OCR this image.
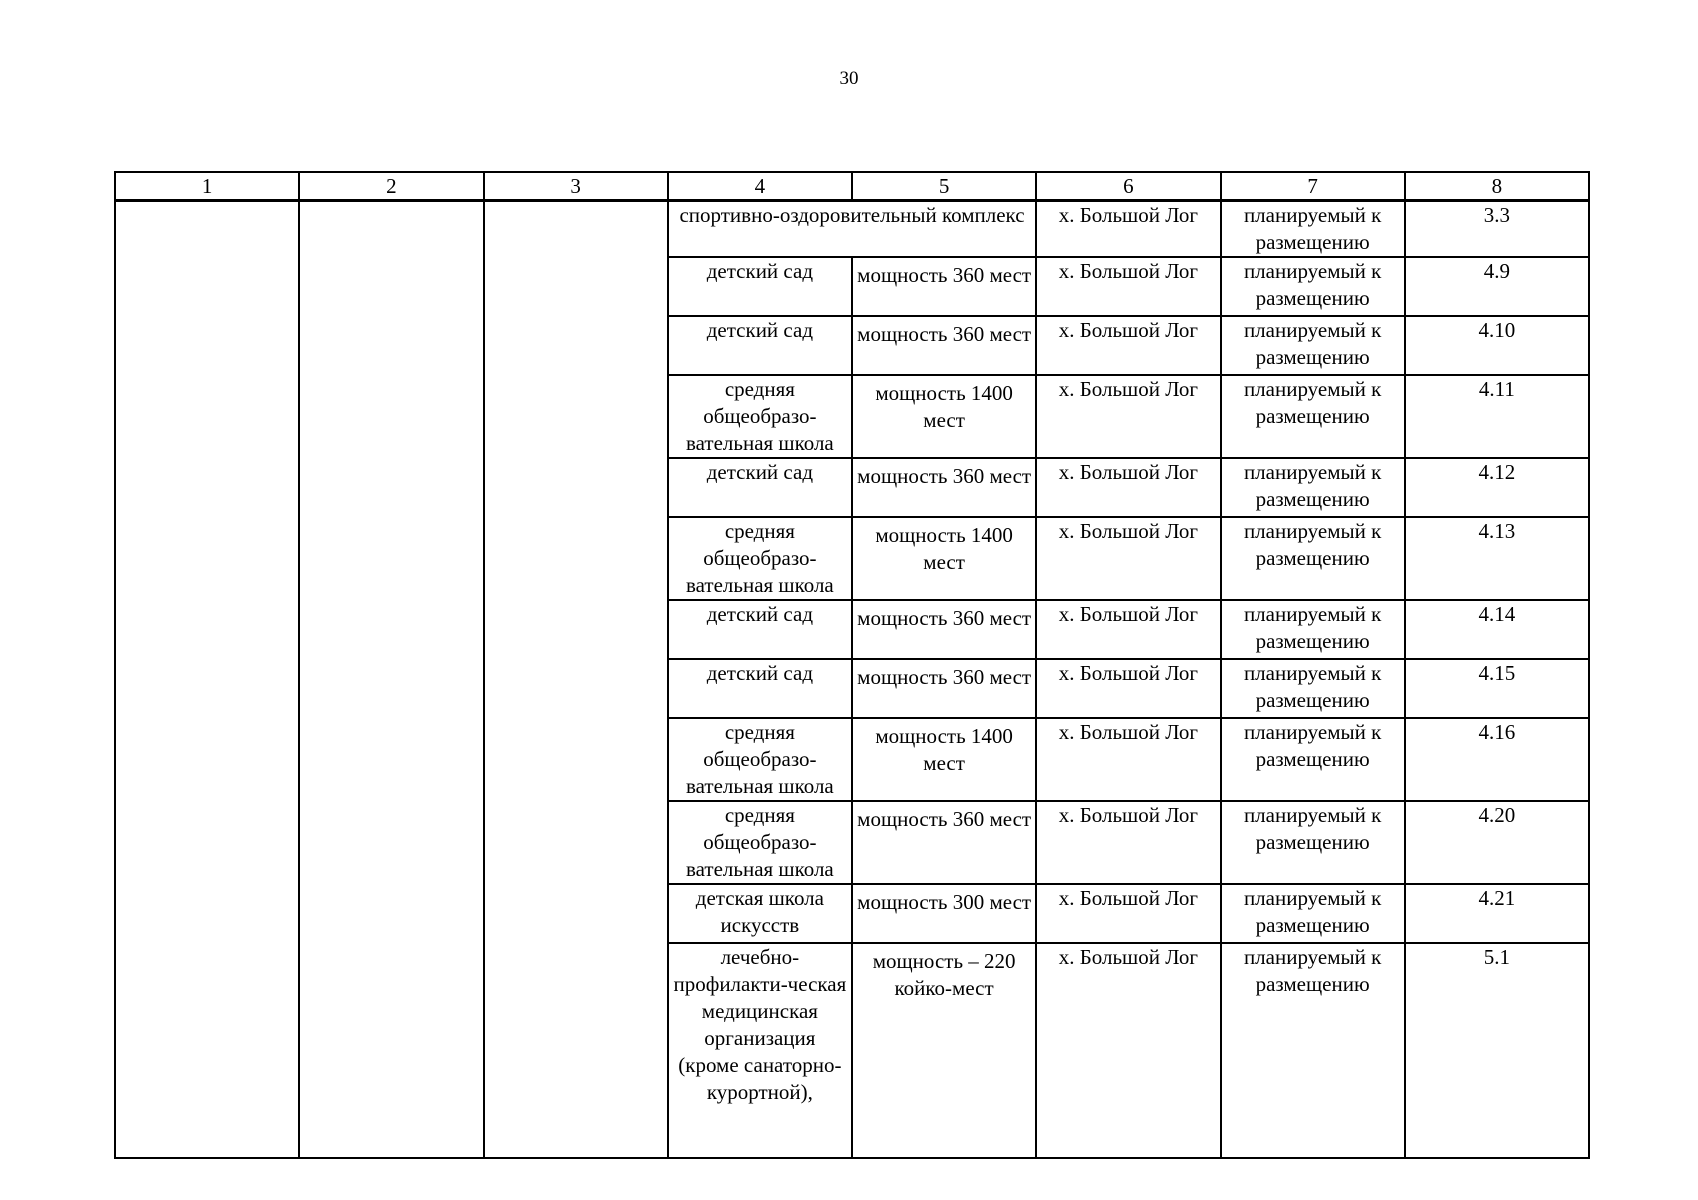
30
1	2	3	4	5	6	7	8
			спортивно-оздоровительный комплекс		х. Большой Лог	планируемый к размещению	3.3
			детский сад	мощность 360 мест	х. Большой Лог	планируемый к размещению	4.9
			детский сад	мощность 360 мест	х. Большой Лог	планируемый к размещению	4.10
			средняя общеобразо-вательная школа	мощность 1400 мест	х. Большой Лог	планируемый к размещению	4.11
			детский сад	мощность 360 мест	х. Большой Лог	планируемый к размещению	4.12
			средняя общеобразо-вательная школа	мощность 1400 мест	х. Большой Лог	планируемый к размещению	4.13
			детский сад	мощность 360 мест	х. Большой Лог	планируемый к размещению	4.14
			детский сад	мощность 360 мест	х. Большой Лог	планируемый к размещению	4.15
			средняя общеобразо-вательная школа	мощность 1400 мест	х. Большой Лог	планируемый к размещению	4.16
			средняя общеобразо-вательная школа	мощность 360 мест	х. Большой Лог	планируемый к размещению	4.20
			детская школа искусств	мощность 300 мест	х. Большой Лог	планируемый к размещению	4.21
			лечебно-профилакти-ческая медицинская организация (кроме санаторно-курортной),	мощность – 220 койко-мест	х. Большой Лог	планируемый к размещению	5.1
